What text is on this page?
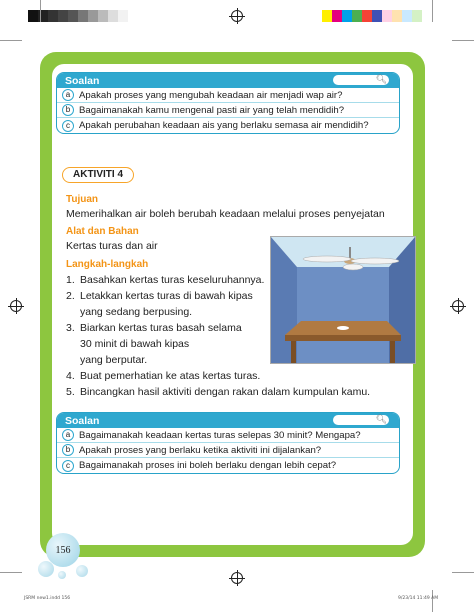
Soalan	🔍︎
a Apakah proses yang mengubah keadaan air menjadi wap air?
b Bagaimanakah kamu mengenal pasti air yang telah mendidih?
c Apakah perubahan keadaan ais yang berlaku semasa air mendidih?
AKTIVITI 4
Tujuan
Memerihalkan air boleh berubah keadaan melalui proses penyejatan
Alat dan Bahan
Kertas turas dan air
Langkah-langkah
1. Basahkan kertas turas keseluruhannya.
2. Letakkan kertas turas di bawah kipas
yang sedang berpusing.
3. Biarkan kertas turas basah selama
30 minit di bawah kipas
yang berputar.
4. Buat pemerhatian ke atas kertas turas.
5. Bincangkan hasil aktiviti dengan rakan dalam kumpulan kamu.
Soalan	🔍︎
a Bagaimanakah keadaan kertas turas selepas 30 minit? Mengapa?
b Apakah proses yang berlaku ketika aktiviti ini dijalankan?
c Bagaimanakah proses ini boleh berlaku dengan lebih cepat?
156
JSRM new1.indd 156	9/23/14 11:49 AM
